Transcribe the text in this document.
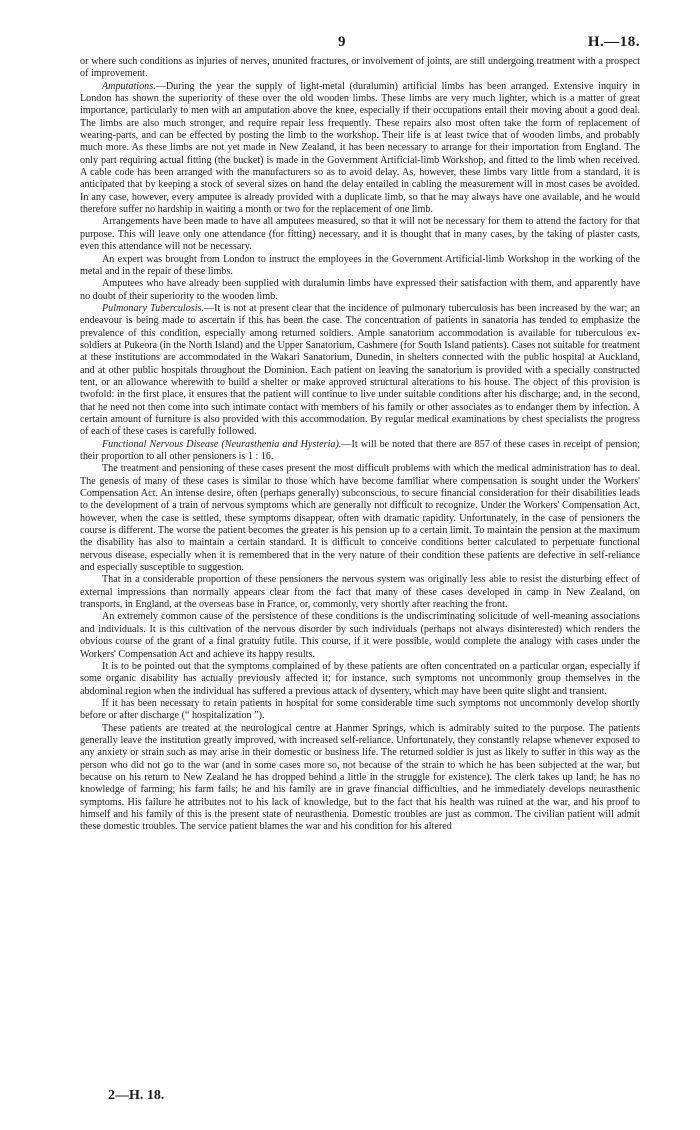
9	H.—18.

or where such conditions as injuries of nerves, ununited fractures, or involvement of joints, are still undergoing treatment with a prospect of improvement.

Amputations.—During the year the supply of light-metal (duralumin) artificial limbs has been arranged. Extensive inquiry in London has shown the superiority of these over the old wooden limbs. These limbs are very much lighter, which is a matter of great importance, particularly to men with an amputation above the knee, especially if their occupations entail their moving about a good deal. The limbs are also much stronger, and require repair less frequently. These repairs also most often take the form of replacement of wearing-parts, and can be effected by posting the limb to the workshop. Their life is at least twice that of wooden limbs, and probably much more. As these limbs are not yet made in New Zealand, it has been necessary to arrange for their importation from England. The only part requiring actual fitting (the bucket) is made in the Government Artificial-limb Workshop, and fitted to the limb when received. A cable code has been arranged with the manufacturers so as to avoid delay. As, however, these limbs vary little from a standard, it is anticipated that by keeping a stock of several sizes on hand the delay entailed in cabling the measurement will in most cases be avoided. In any case, however, every amputee is already provided with a duplicate limb, so that he may always have one available, and he would therefore suffer no hardship in waiting a month or two for the replacement of one limb.

Arrangements have been made to have all amputees measured, so that it will not be necessary for them to attend the factory for that purpose. This will leave only one attendance (for fitting) necessary, and it is thought that in many cases, by the taking of plaster casts, even this attendance will not be necessary.

An expert was brought from London to instruct the employees in the Government Artificial-limb Workshop in the working of the metal and in the repair of these limbs.

Amputees who have already been supplied with duralumin limbs have expressed their satisfaction with them, and apparently have no doubt of their superiority to the wooden limb.

Pulmonary Tuberculosis.—It is not at present clear that the incidence of pulmonary tuberculosis has been increased by the war; an endeavour is being made to ascertain if this has been the case. The concentration of patients in sanatoria has tended to emphasize the prevalence of this condition, especially among returned soldiers. Ample sanatorium accommodation is available for tuberculous ex-soldiers at Pukeora (in the North Island) and the Upper Sanatorium, Cashmere (for South Island patients). Cases not suitable for treatment at these institutions are accommodated in the Wakari Sanatorium, Dunedin, in shelters connected with the public hospital at Auckland, and at other public hospitals throughout the Dominion. Each patient on leaving the sanatorium is provided with a specially constructed tent, or an allowance wherewith to build a shelter or make approved structural alterations to his house. The object of this provision is twofold: in the first place, it ensures that the patient will continue to live under suitable conditions after his discharge; and, in the second, that he need not then come into such intimate contact with members of his family or other associates as to endanger them by infection. A certain amount of furniture is also provided with this accommodation. By regular medical examinations by chest specialists the progress of each of these cases is carefully followed.

Functional Nervous Disease (Neurasthenia and Hysteria).—It will be noted that there are 857 of these cases in receipt of pension; their proportion to all other pensioners is 1 : 16.

The treatment and pensioning of these cases present the most difficult problems with which the medical administration has to deal. The genesis of many of these cases is similar to those which have become familiar where compensation is sought under the Workers' Compensation Act. An intense desire, often (perhaps generally) subconscious, to secure financial consideration for their disabilities leads to the development of a train of nervous symptoms which are generally not difficult to recognize. Under the Workers' Compensation Act, however, when the case is settled, these symptoms disappear, often with dramatic rapidity. Unfortunately, in the case of pensioners the course is different. The worse the patient becomes the greater is his pension up to a certain limit. To maintain the pension at the maximum the disability has also to maintain a certain standard. It is difficult to conceive conditions better calculated to perpetuate functional nervous disease, especially when it is remembered that in the very nature of their condition these patients are defective in self-reliance and especially susceptible to suggestion.

That in a considerable proportion of these pensioners the nervous system was originally less able to resist the disturbing effect of external impressions than normally appears clear from the fact that many of these cases developed in camp in New Zealand, on transports, in England, at the overseas base in France, or, commonly, very shortly after reaching the front.

An extremely common cause of the persistence of these conditions is the undiscriminating solicitude of well-meaning associations and individuals. It is this cultivation of the nervous disorder by such individuals (perhaps not always disinterested) which renders the obvious course of the grant of a final gratuity futile. This course, if it were possible, would complete the analogy with cases under the Workers' Compensation Act and achieve its happy results.

It is to be pointed out that the symptoms complained of by these patients are often concentrated on a particular organ, especially if some organic disability has actually previously affected it; for instance, such symptoms not uncommonly group themselves in the abdominal region when the individual has suffered a previous attack of dysentery, which may have been quite slight and transient.

If it has been necessary to retain patients in hospital for some considerable time such symptoms not uncommonly develop shortly before or after discharge (“ hospitalization ”).

These patients are treated at the neurological centre at Hanmer Springs, which is admirably suited to the purpose. The patients generally leave the institution greatly improved, with increased self-reliance. Unfortunately, they constantly relapse whenever exposed to any anxiety or strain such as may arise in their domestic or business life. The returned soldier is just as likely to suffer in this way as the person who did not go to the war (and in some cases more so, not because of the strain to which he has been subjected at the war, but because on his return to New Zealand he has dropped behind a little in the struggle for existence). The clerk takes up land; he has no knowledge of farming; his farm fails; he and his family are in grave financial difficulties, and he immediately develops neurasthenic symptoms. His failure he attributes not to his lack of knowledge, but to the fact that his health was ruined at the war, and his proof to himself and his family of this is the present state of neurasthenia. Domestic troubles are just as common. The civilian patient will admit these domestic troubles. The service patient blames the war and his condition for his altered

2—H. 18.
